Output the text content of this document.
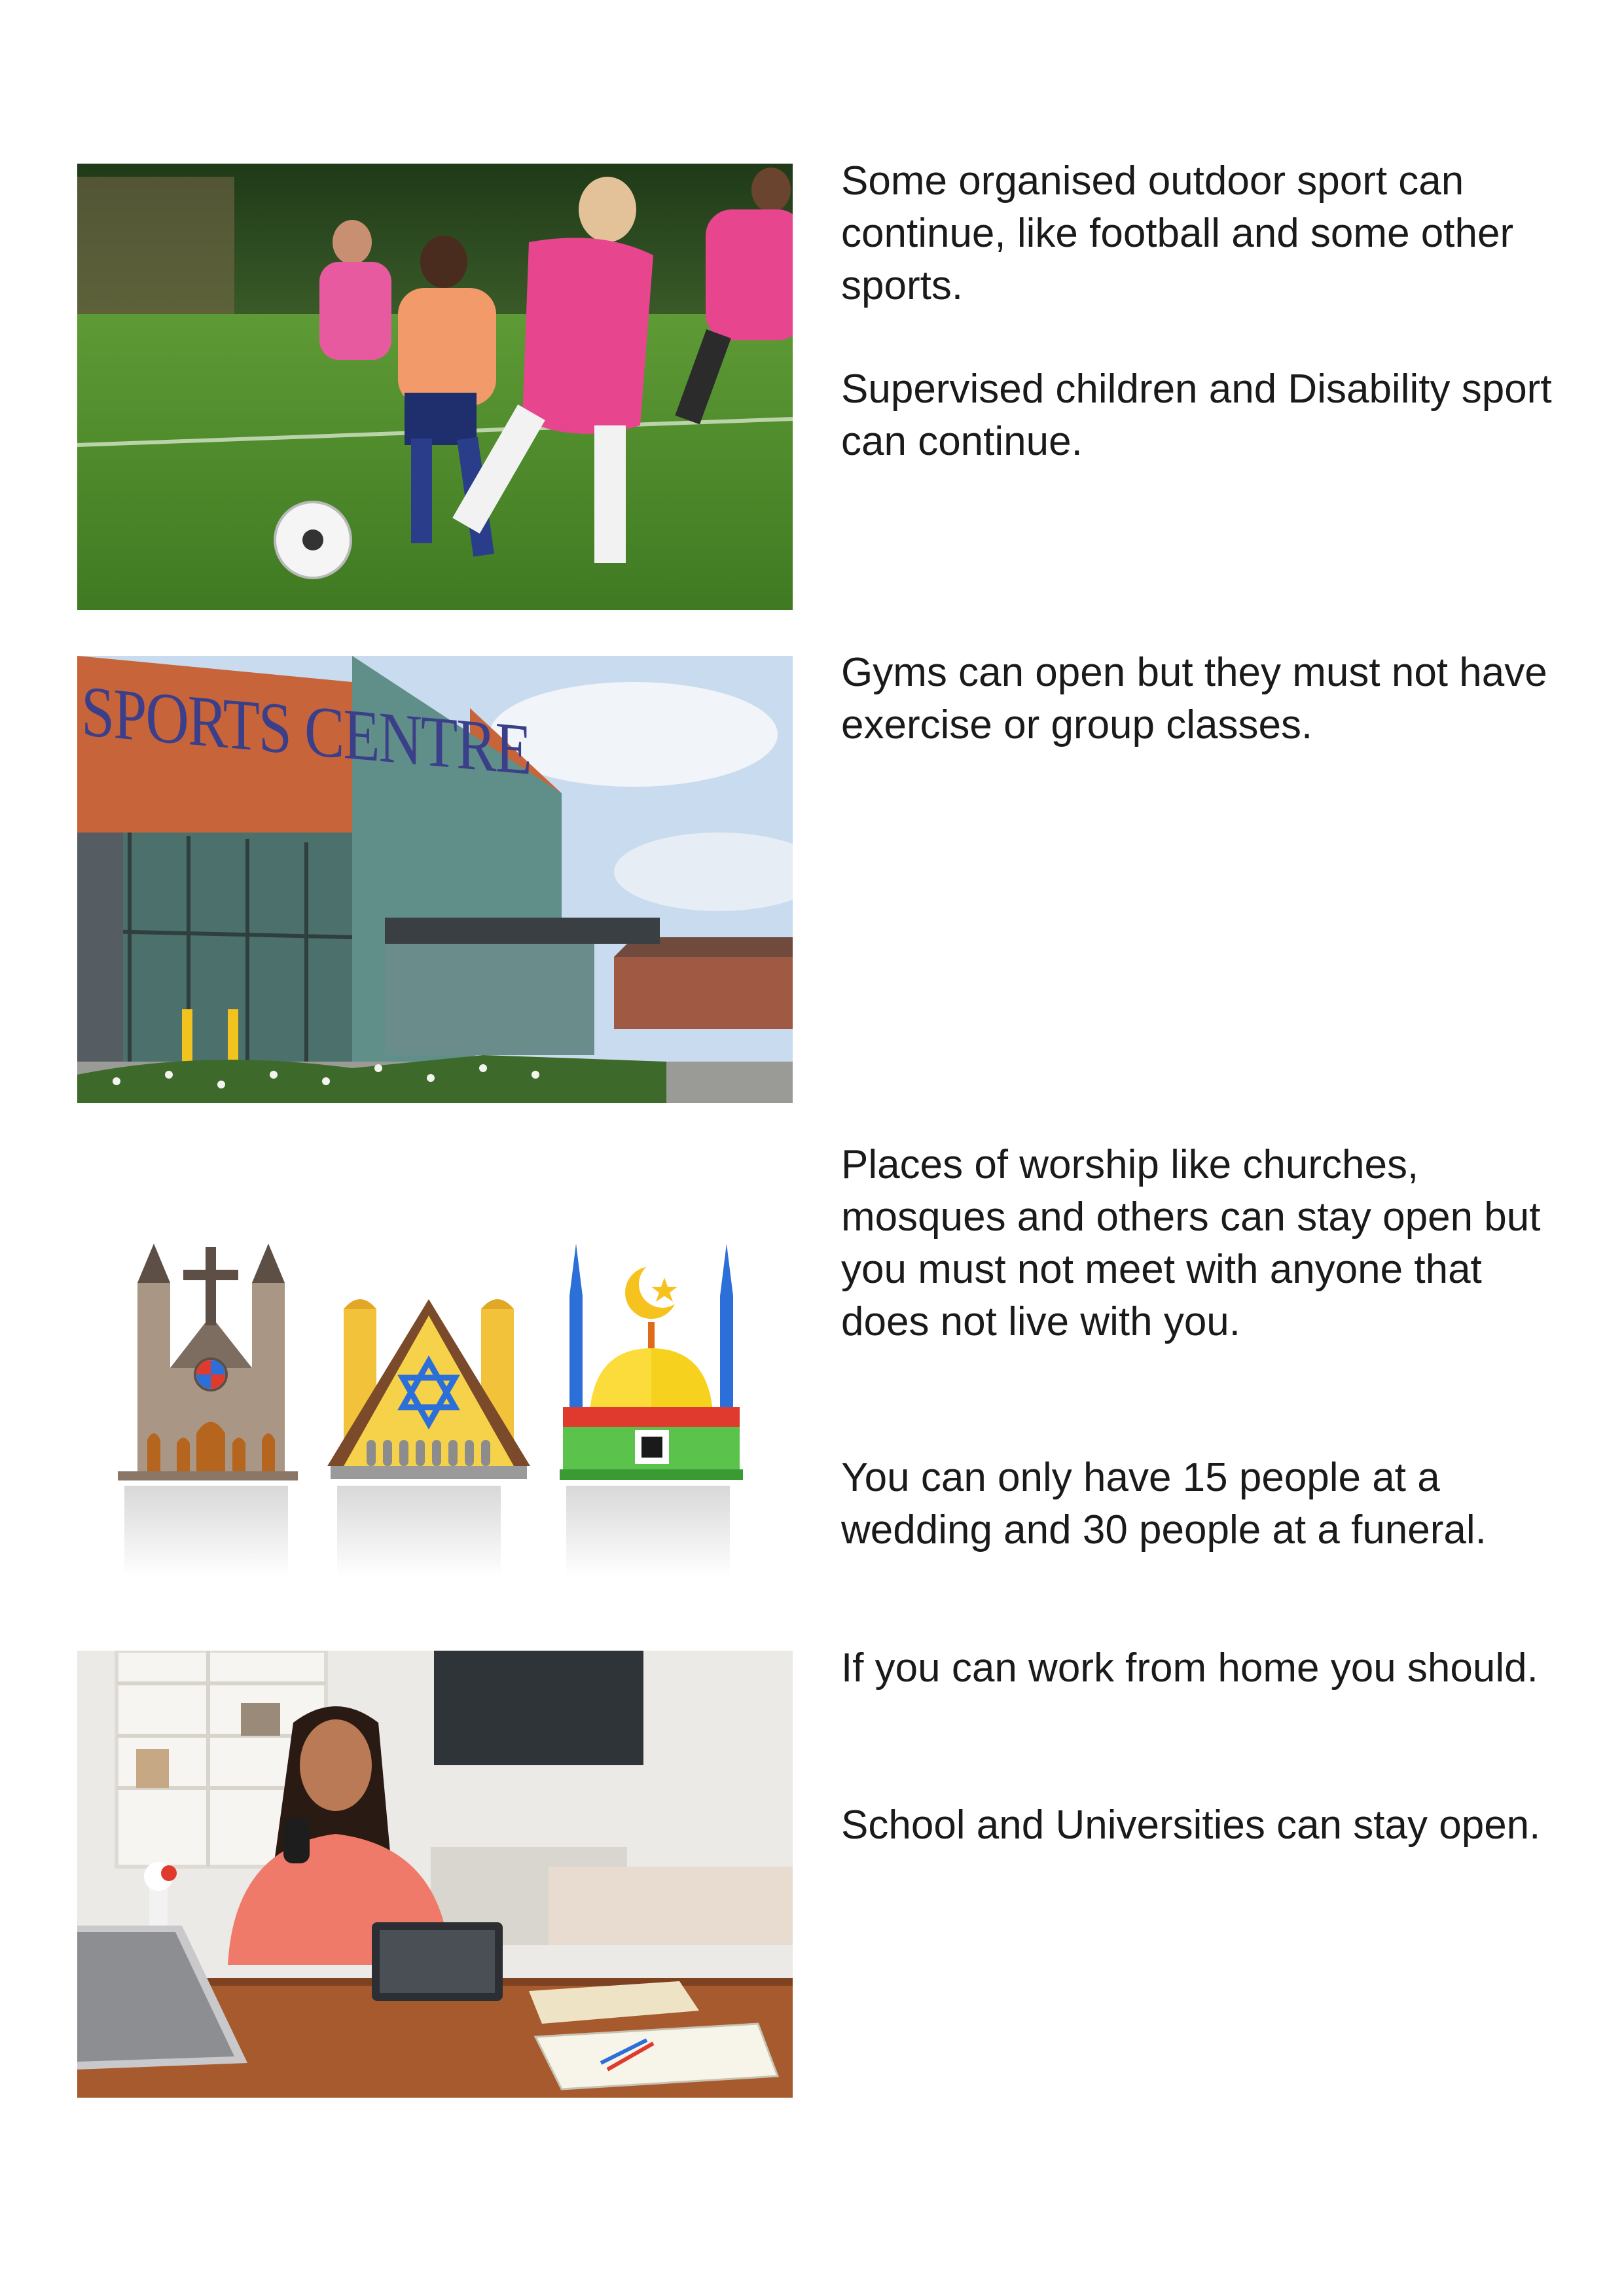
Some organised outdoor sport can continue, like football and some other sports.

Supervised children and Disability sport can continue.

SPORTS CENTRE	Gyms can open but they must not have exercise or group classes.

Places of worship like churches, mosques and others can stay open but you must not meet with anyone that does not live with you.

You can only have 15 people at a wedding and 30 people at a funeral.

If you can work from home you should.

School and Universities can stay open.
